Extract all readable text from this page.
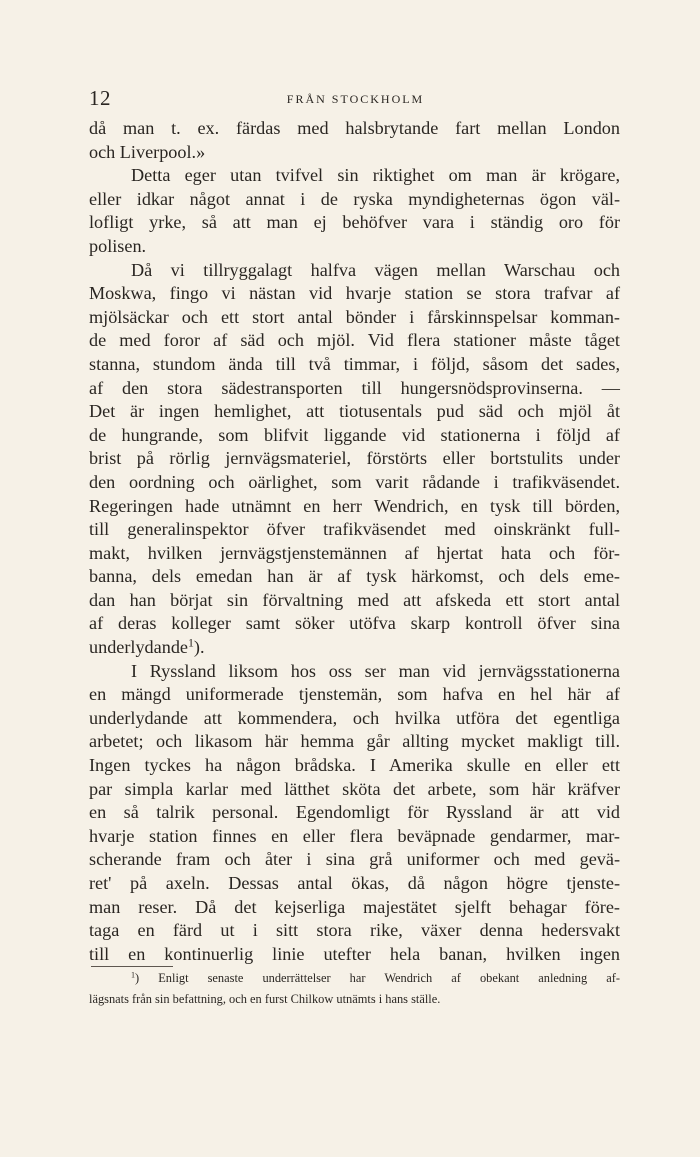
12	FRÅN STOCKHOLM
då man t. ex. färdas med halsbrytande fart mellan London
och Liverpool.»
Detta eger utan tvifvel sin riktighet om man är krögare,
eller idkar något annat i de ryska myndigheternas ögon väl-
lofligt yrke, så att man ej behöfver vara i ständig oro för
polisen.
Då vi tillryggalagt halfva vägen mellan Warschau och
Moskwa, fingo vi nästan vid hvarje station se stora trafvar af
mjölsäckar och ett stort antal bönder i fårskinnspelsar komman-
de med foror af säd och mjöl. Vid flera stationer måste tåget
stanna, stundom ända till två timmar, i följd, såsom det sades,
af den stora sädestransporten till hungersnödsprovinserna. —
Det är ingen hemlighet, att tiotusentals pud säd och mjöl åt
de hungrande, som blifvit liggande vid stationerna i följd af
brist på rörlig jernvägsmateriel, förstörts eller bortstulits under
den oordning och oärlighet, som varit rådande i trafikväsendet.
Regeringen hade utnämnt en herr Wendrich, en tysk till börden,
till generalinspektor öfver trafikväsendet med oinskränkt full-
makt, hvilken jernvägstjenstemännen af hjertat hata och för-
banna, dels emedan han är af tysk härkomst, och dels eme-
dan han börjat sin förvaltning med att afskeda ett stort antal
af deras kolleger samt söker utöfva skarp kontroll öfver sina
underlydande$^1$).
I Ryssland liksom hos oss ser man vid jernvägsstationerna
en mängd uniformerade tjenstemän, som hafva en hel här af
underlydande att kommendera, och hvilka utföra det egentliga
arbetet; och likasom här hemma går allting mycket makligt till.
Ingen tyckes ha någon brådska. I Amerika skulle en eller ett
par simpla karlar med lätthet sköta det arbete, som här kräfver
en så talrik personal. Egendomligt för Ryssland är att vid
hvarje station finnes en eller flera beväpnade gendarmer, mar-
scherande fram och åter i sina grå uniformer och med gevä-
ret' på axeln. Dessas antal ökas, då någon högre tjenste-
man reser. Då det kejserliga majestätet sjelft behagar före-
taga en färd ut i sitt stora rike, växer denna hedersvakt
till en kontinuerlig linie utefter hela banan, hvilken ingen
$^1$) Enligt senaste underrättelser har Wendrich af obekant anledning af-
lägsnats från sin befattning, och en furst Chilkow utnämts i hans ställe.
